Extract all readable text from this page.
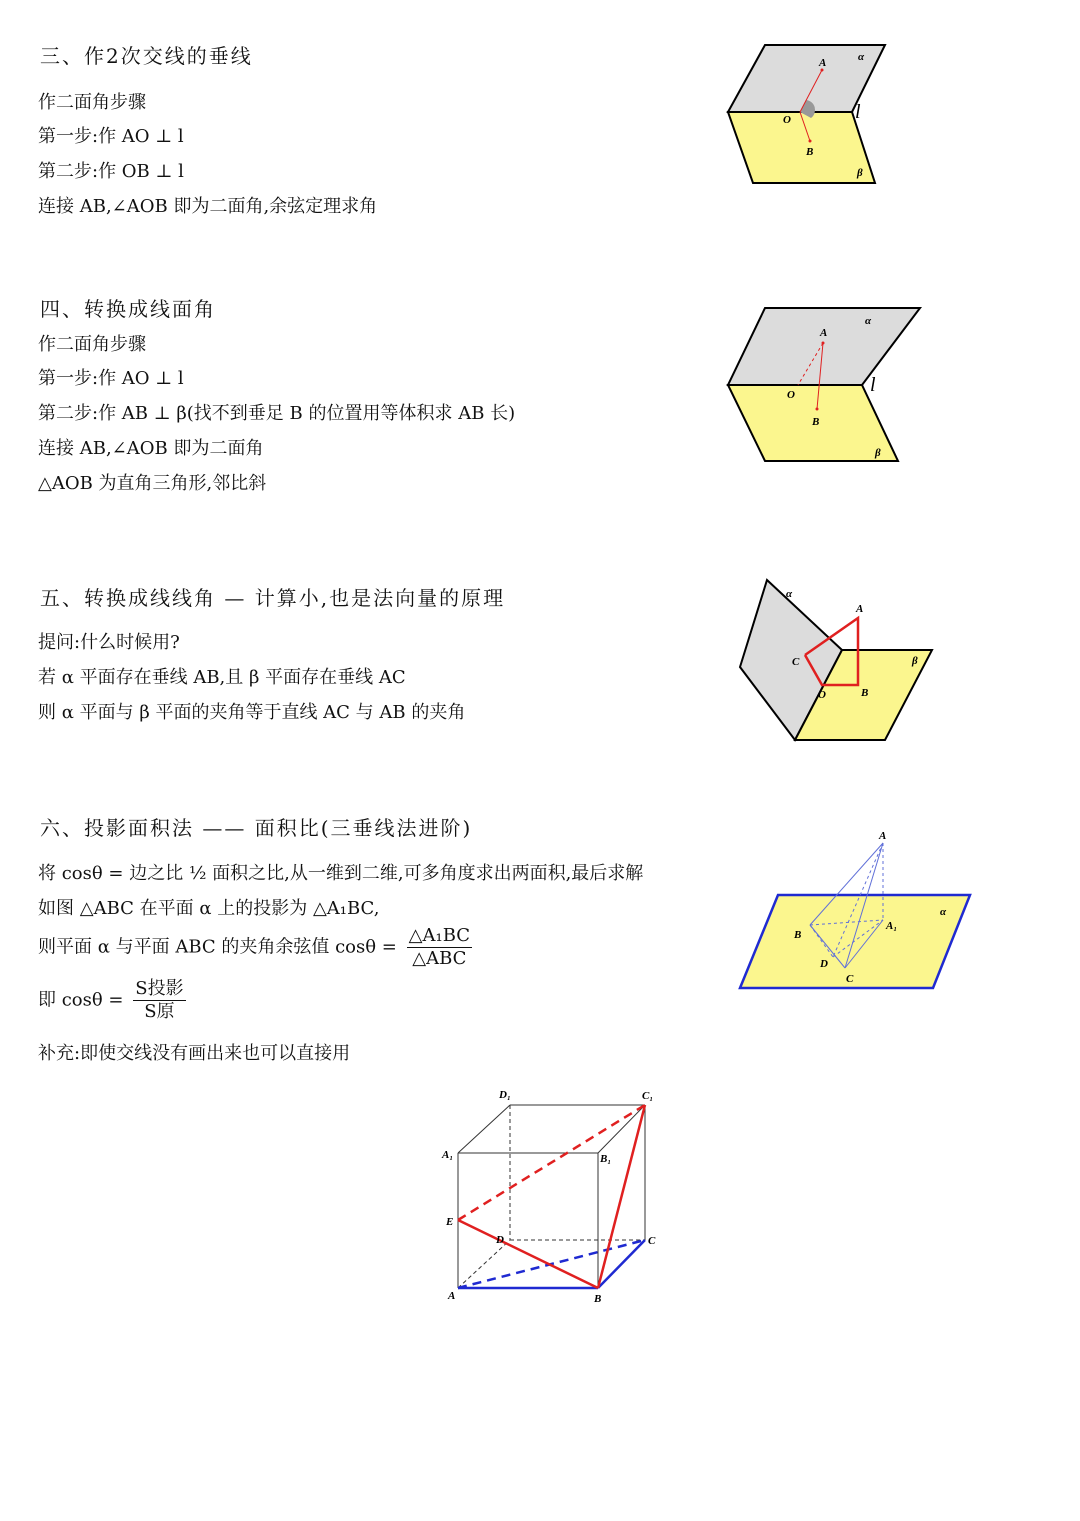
三、作2次交线的垂线
作二面角步骤
第一步:作 AO ⊥ l
第二步:作 OB ⊥ l
连接 AB,∠AOB 即为二面角,余弦定理求角
A
O
B
α
β
l
四、转换成线面角
作二面角步骤
第一步:作 AO ⊥ l
第二步:作 AB ⊥ β(找不到垂足 B 的位置用等体积求 AB 长)
连接 AB,∠AOB 即为二面角
△AOB 为直角三角形,邻比斜
A
O
B
α
β
l
五、转换成线线角 — 计算小,也是法向量的原理
提问:什么时候用?
若 α 平面存在垂线 AB,且 β 平面存在垂线 AC
则 α 平面与 β 平面的夹角等于直线 AC 与 AB 的夹角
A
C
O	B
α
β
六、投影面积法 —— 面积比(三垂线法进阶)
将 cosθ = 边之比 ½ 面积之比,从一维到二维,可多角度求出两面积,最后求解
如图 △ABC 在平面 α 上的投影为 △A₁BC,
则平面 α 与平面 ABC 的夹角余弦值 $\cos\theta = \frac{\text{△A₁BC}}{\text{△ABC}}$
即 $\cos\theta = \frac{\text{S投影}}{\text{S原}}$
补充:即使交线没有画出来也可以直接用
A
A₁
B
C
D
α
D₁	C₁
A₁	B₁
E
D	C
A	B
